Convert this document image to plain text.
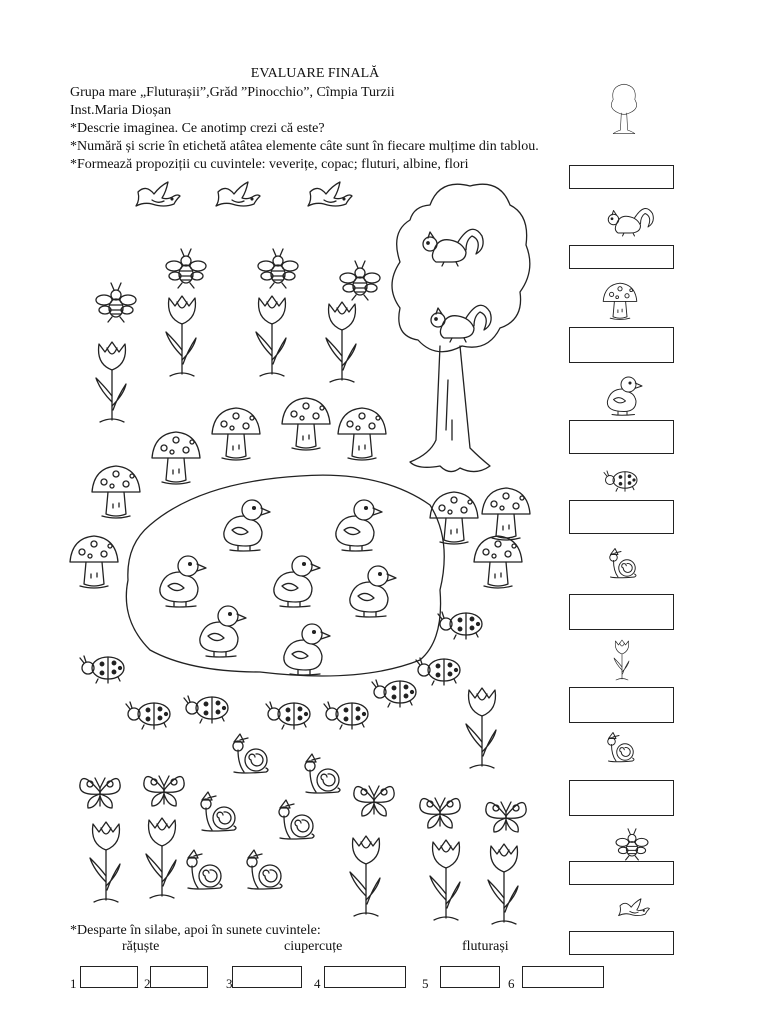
EVALUARE FINALĂ
Grupa mare „Fluturașii”,Grăd ”Pinocchio”, Cîmpia Turzii
Inst.Maria Dioșan
*Descrie imaginea. Ce anotimp crezi că este?
*Numără și scrie în etichetă atâtea elemente câte sunt în fiecare mulțime din tablou.
*Formează propoziții cu cuvintele: veverițe, copac; fluturi, albine, flori
*Desparte în silabe, apoi în sunete cuvintele:
rățuște	ciupercuțe	fluturași
1	2	3	4	5	6
